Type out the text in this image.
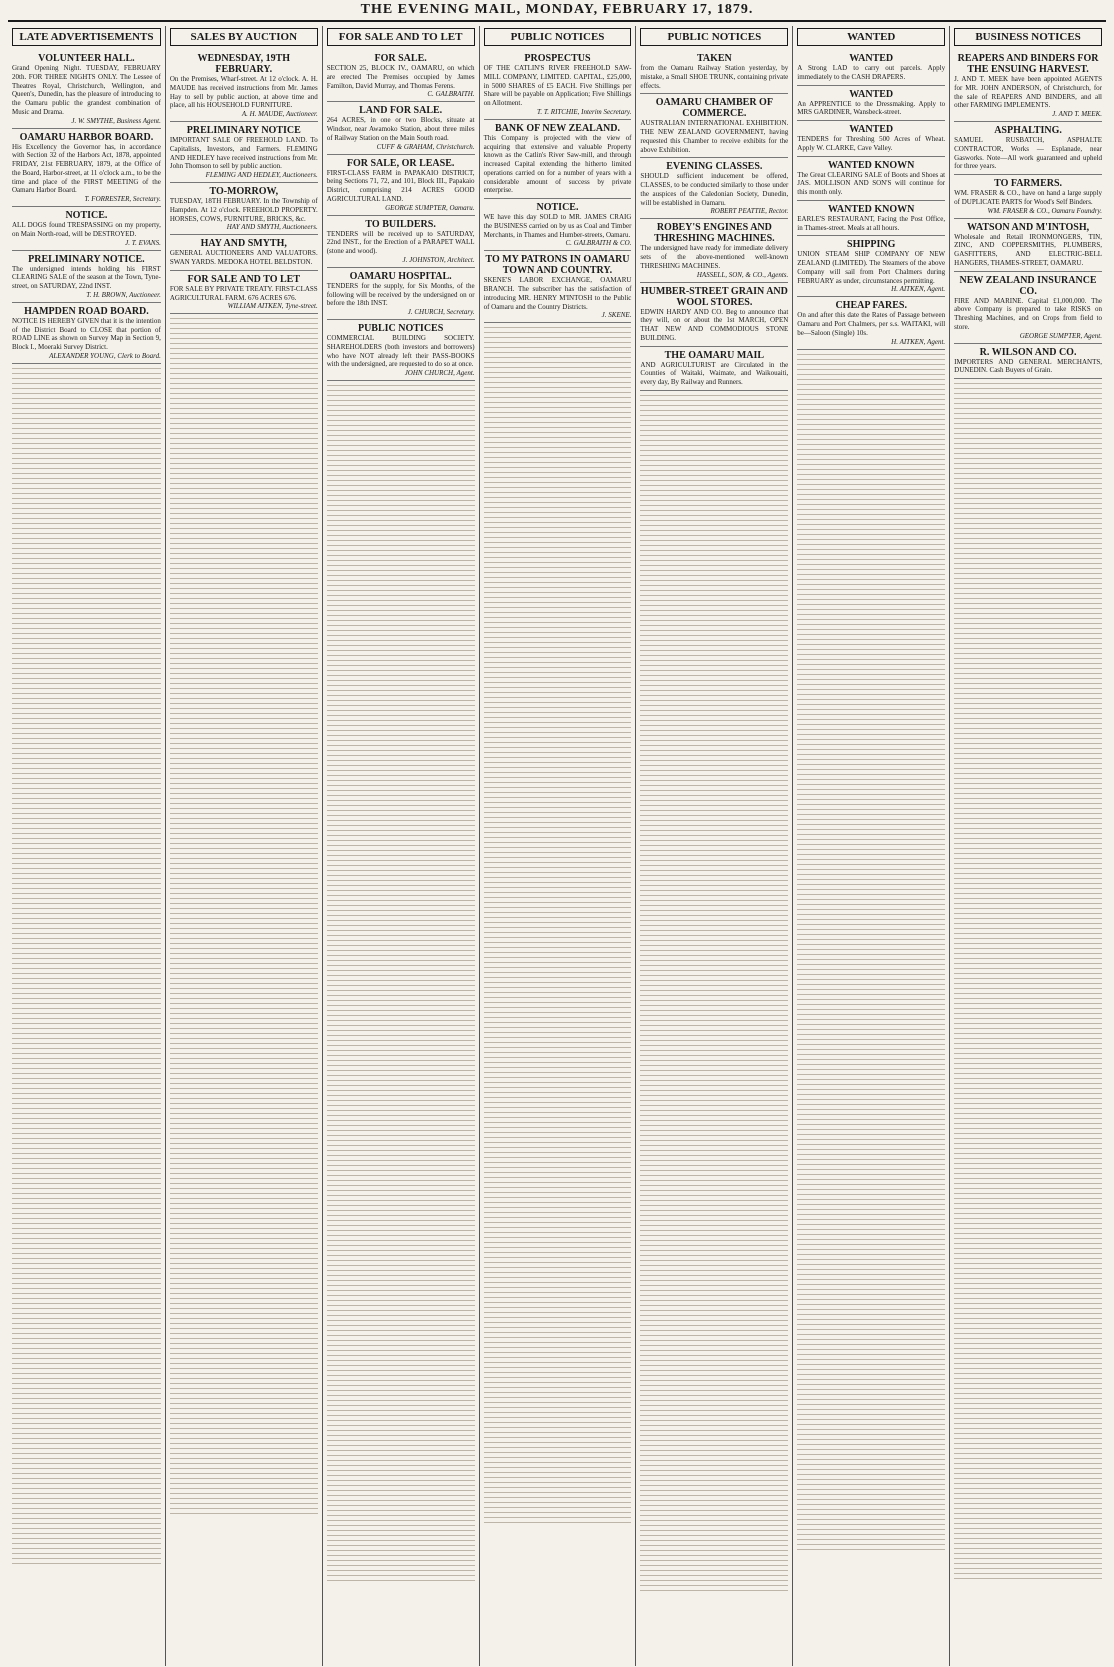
THE EVENING MAIL, MONDAY, FEBRUARY 17, 1879.
LATE ADVERTISEMENTS
VOLUNTEER HALL.
Grand Opening Night. TUESDAY, FEBRUARY 20th. FOR THREE NIGHTS ONLY. The Lessee of Theatres Royal, Christchurch, Wellington, and Queen's, Dunedin, has the pleasure of introducing to the Oamaru public the grandest combination of Music and Drama.
J. W. SMYTHE, Business Agent.
OAMARU HARBOR BOARD.
His Excellency the Governor has, in accordance with Section 32 of the Harbors Act, 1878, appointed FRIDAY, 21st FEBRUARY, 1879, at the Office of the Board, Harbor-street, at 11 o'clock a.m., to be the time and place of the FIRST MEETING of the Oamaru Harbor Board.
T. FORRESTER, Secretary.
NOTICE.
ALL DOGS found TRESPASSING on my property, on Main North-road, will be DESTROYED.
J. T. EVANS.
PRELIMINARY NOTICE.
The undersigned intends holding his FIRST CLEARING SALE of the season at the Town, Tyne-street, on SATURDAY, 22nd INST.
T. H. BROWN, Auctioneer.
HAMPDEN ROAD BOARD.
NOTICE IS HEREBY GIVEN that it is the intention of the District Board to CLOSE that portion of ROAD LINE as shown on Survey Map in Section 9, Block I., Moeraki Survey District.
ALEXANDER YOUNG, Clerk to Board.
SALES BY AUCTION
WEDNESDAY, 19TH FEBRUARY.
On the Premises, Wharf-street. At 12 o'clock. A. H. MAUDE has received instructions from Mr. James Hay to sell by public auction, at above time and place, all his HOUSEHOLD FURNITURE.
A. H. MAUDE, Auctioneer.
PRELIMINARY NOTICE
IMPORTANT SALE OF FREEHOLD LAND. To Capitalists, Investors, and Farmers. FLEMING AND HEDLEY have received instructions from Mr. John Thomson to sell by public auction.
FLEMING AND HEDLEY, Auctioneers.
TO-MORROW,
TUESDAY, 18TH FEBRUARY. In the Township of Hampden. At 12 o'clock. FREEHOLD PROPERTY. HORSES, COWS, FURNITURE, BRICKS, &c.
HAY AND SMYTH, Auctioneers.
HAY AND SMYTH,
GENERAL AUCTIONEERS AND VALUATORS. SWAN YARDS. MEDOKA HOTEL BELDSTON.
FOR SALE AND TO LET
FOR SALE BY PRIVATE TREATY. FIRST-CLASS AGRICULTURAL FARM. 676 ACRES 676.
WILLIAM AITKEN, Tyne-street.
FOR SALE AND TO LET
FOR SALE.
SECTION 25, BLOCK IV., OAMARU, on which are erected The Premises occupied by James Familton, David Murray, and Thomas Ferens.
C. GALBRAITH.
LAND FOR SALE.
264 ACRES, in one or two Blocks, situate at Windsor, near Awamoko Station, about three miles of Railway Station on the Main South road.
CUFF & GRAHAM, Christchurch.
FOR SALE, OR LEASE.
FIRST-CLASS FARM in PAPAKAIO DISTRICT, being Sections 71, 72, and 101, Block III., Papakaio District, comprising 214 ACRES GOOD AGRICULTURAL LAND.
GEORGE SUMPTER, Oamaru.
TO BUILDERS.
TENDERS will be received up to SATURDAY, 22nd INST., for the Erection of a PARAPET WALL (stone and wood).
J. JOHNSTON, Architect.
OAMARU HOSPITAL.
TENDERS for the supply, for Six Months, of the following will be received by the undersigned on or before the 18th INST.
J. CHURCH, Secretary.
PUBLIC NOTICES
COMMERCIAL BUILDING SOCIETY. SHAREHOLDERS (both investors and borrowers) who have NOT already left their PASS-BOOKS with the undersigned, are requested to do so at once.
JOHN CHURCH, Agent.
PUBLIC NOTICES
PROSPECTUS
OF THE CATLIN'S RIVER FREEHOLD SAW-MILL COMPANY, LIMITED. CAPITAL, £25,000, in 5000 SHARES of £5 EACH. Five Shillings per Share will be payable on Application; Five Shillings on Allotment.
T. T. RITCHIE, Interim Secretary.
BANK OF NEW ZEALAND.
This Company is projected with the view of acquiring that extensive and valuable Property known as the Catlin's River Saw-mill, and through increased Capital extending the hitherto limited operations carried on for a number of years with a considerable amount of success by private enterprise.
NOTICE.
WE have this day SOLD to MR. JAMES CRAIG the BUSINESS carried on by us as Coal and Timber Merchants, in Thames and Humber-streets, Oamaru.
C. GALBRAITH & CO.
TO MY PATRONS IN OAMARU TOWN AND COUNTRY.
SKENE'S LABOR EXCHANGE, OAMARU BRANCH. The subscriber has the satisfaction of introducing MR. HENRY M'INTOSH to the Public of Oamaru and the Country Districts.
J. SKENE.
PUBLIC NOTICES
TAKEN
from the Oamaru Railway Station yesterday, by mistake, a Small SHOE TRUNK, containing private effects.
OAMARU CHAMBER OF COMMERCE.
AUSTRALIAN INTERNATIONAL EXHIBITION. THE NEW ZEALAND GOVERNMENT, having requested this Chamber to receive exhibits for the above Exhibition.
EVENING CLASSES.
SHOULD sufficient inducement be offered, CLASSES, to be conducted similarly to those under the auspices of the Caledonian Society, Dunedin, will be established in Oamaru.
ROBERT PEATTIE, Rector.
ROBEY'S ENGINES AND THRESHING MACHINES.
The undersigned have ready for immediate delivery sets of the above-mentioned well-known THRESHING MACHINES.
HASSELL, SON, & CO., Agents.
HUMBER-STREET GRAIN AND WOOL STORES.
EDWIN HARDY AND CO. Beg to announce that they will, on or about the 1st MARCH, OPEN THAT NEW AND COMMODIOUS STONE BUILDING.
THE OAMARU MAIL
AND AGRICULTURIST are Circulated in the Counties of Waitaki, Waimate, and Waikouaiti, every day, By Railway and Runners.
WANTED
WANTED
A Strong LAD to carry out parcels. Apply immediately to the CASH DRAPERS.
WANTED
An APPRENTICE to the Dressmaking. Apply to MRS GARDINER, Wansbeck-street.
WANTED
TENDERS for Threshing 500 Acres of Wheat. Apply W. CLARKE, Cave Valley.
WANTED KNOWN
The Great CLEARING SALE of Boots and Shoes at JAS. MOLLISON AND SON'S will continue for this month only.
WANTED KNOWN
EARLE'S RESTAURANT, Facing the Post Office, in Thames-street. Meals at all hours.
SHIPPING
UNION STEAM SHIP COMPANY OF NEW ZEALAND (LIMITED). The Steamers of the above Company will sail from Port Chalmers during FEBRUARY as under, circumstances permitting.
H. AITKEN, Agent.
CHEAP FARES.
On and after this date the Rates of Passage between Oamaru and Port Chalmers, per s.s. WAITAKI, will be—Saloon (Single) 10s.
H. AITKEN, Agent.
BUSINESS NOTICES
REAPERS AND BINDERS FOR THE ENSUING HARVEST.
J. AND T. MEEK have been appointed AGENTS for MR. JOHN ANDERSON, of Christchurch, for the sale of REAPERS AND BINDERS, and all other FARMING IMPLEMENTS.
J. AND T. MEEK.
ASPHALTING.
SAMUEL RUSBATCH, ASPHALTE CONTRACTOR, Works — Esplanade, near Gasworks. Note—All work guaranteed and upheld for three years.
TO FARMERS.
WM. FRASER & CO., have on hand a large supply of DUPLICATE PARTS for Wood's Self Binders.
WM. FRASER & CO., Oamaru Foundry.
WATSON AND M'INTOSH,
Wholesale and Retail IRONMONGERS, TIN, ZINC, AND COPPERSMITHS, PLUMBERS, GASFITTERS, AND ELECTRIC-BELL HANGERS, THAMES-STREET, OAMARU.
NEW ZEALAND INSURANCE CO.
FIRE AND MARINE. Capital £1,000,000. The above Company is prepared to take RISKS on Threshing Machines, and on Crops from field to store.
GEORGE SUMPTER, Agent.
R. WILSON AND CO.
IMPORTERS AND GENERAL MERCHANTS, DUNEDIN. Cash Buyers of Grain.
